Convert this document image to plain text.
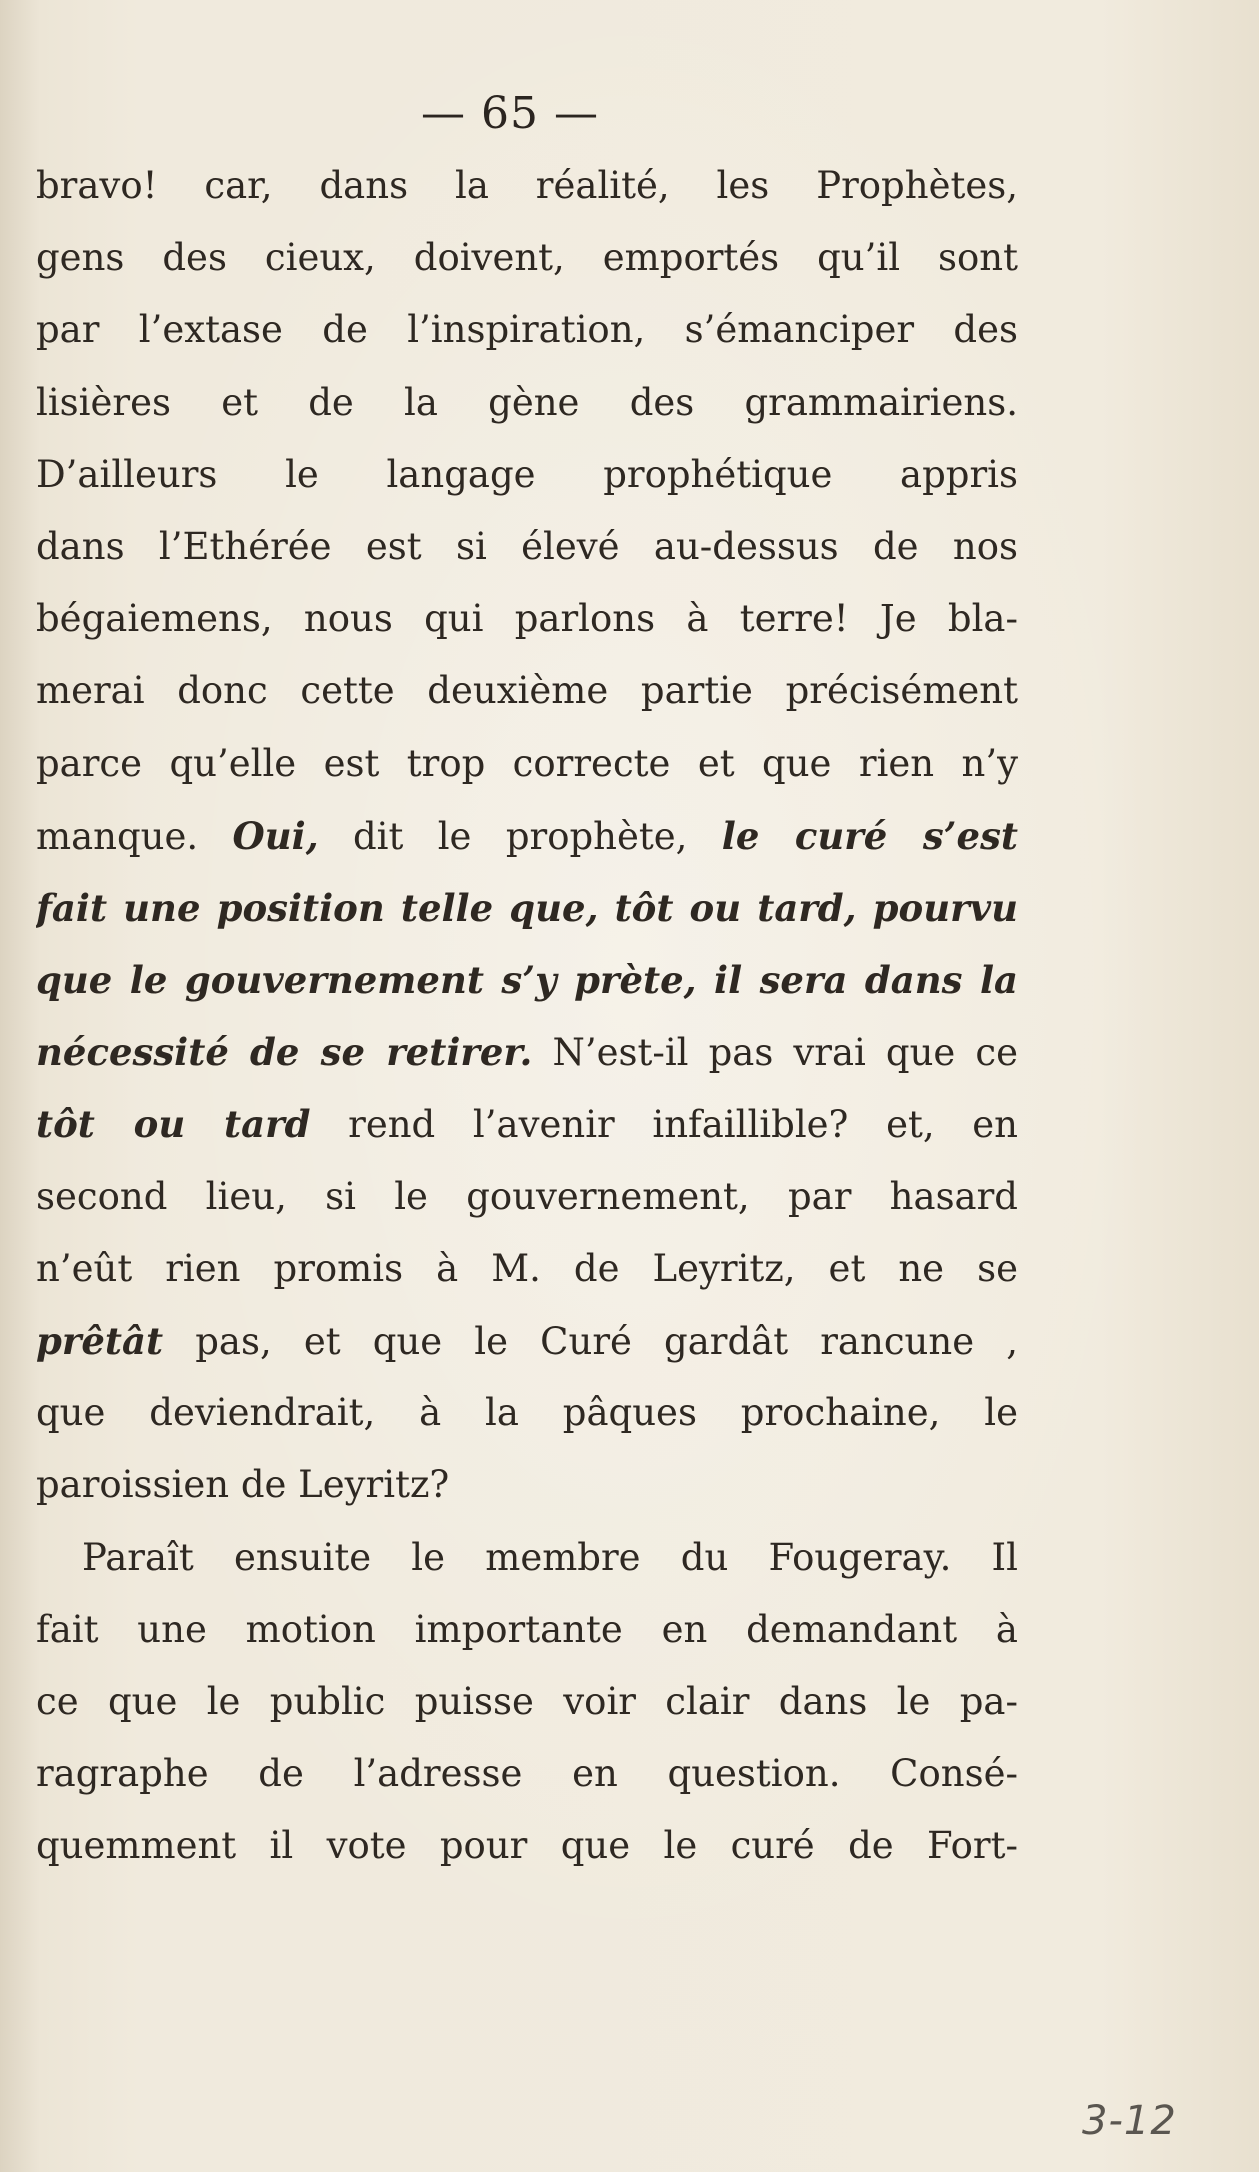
— 65 —
bravo! car, dans la réalité, les Prophètes,
gens des cieux, doivent, emportés qu’il sont
par l’extase de l’inspiration, s’émanciper des
lisières et de la gène des grammairiens.
D’ailleurs le langage prophétique appris
dans l’Ethérée est si élevé au-dessus de nos
bégaiemens, nous qui parlons à terre! Je bla-
merai donc cette deuxième partie précisément
parce qu’elle est trop correcte et que rien n’y
manque. Oui, dit le prophète, le curé s’est
fait une position telle que, tôt ou tard, pourvu
que le gouvernement s’y prète, il sera dans la
nécessité de se retirer. N’est-il pas vrai que ce
tôt ou tard rend l’avenir infaillible? et, en
second lieu, si le gouvernement, par hasard
n’eût rien promis à M. de Leyritz, et ne se
prêtât pas, et que le Curé gardât rancune ,
que deviendrait, à la pâques prochaine, le
paroissien de Leyritz?
Paraît ensuite le membre du Fougeray. Il
fait une motion importante en demandant à
ce que le public puisse voir clair dans le pa-
ragraphe de l’adresse en question. Consé-
quemment il vote pour que le curé de Fort-
3-12
